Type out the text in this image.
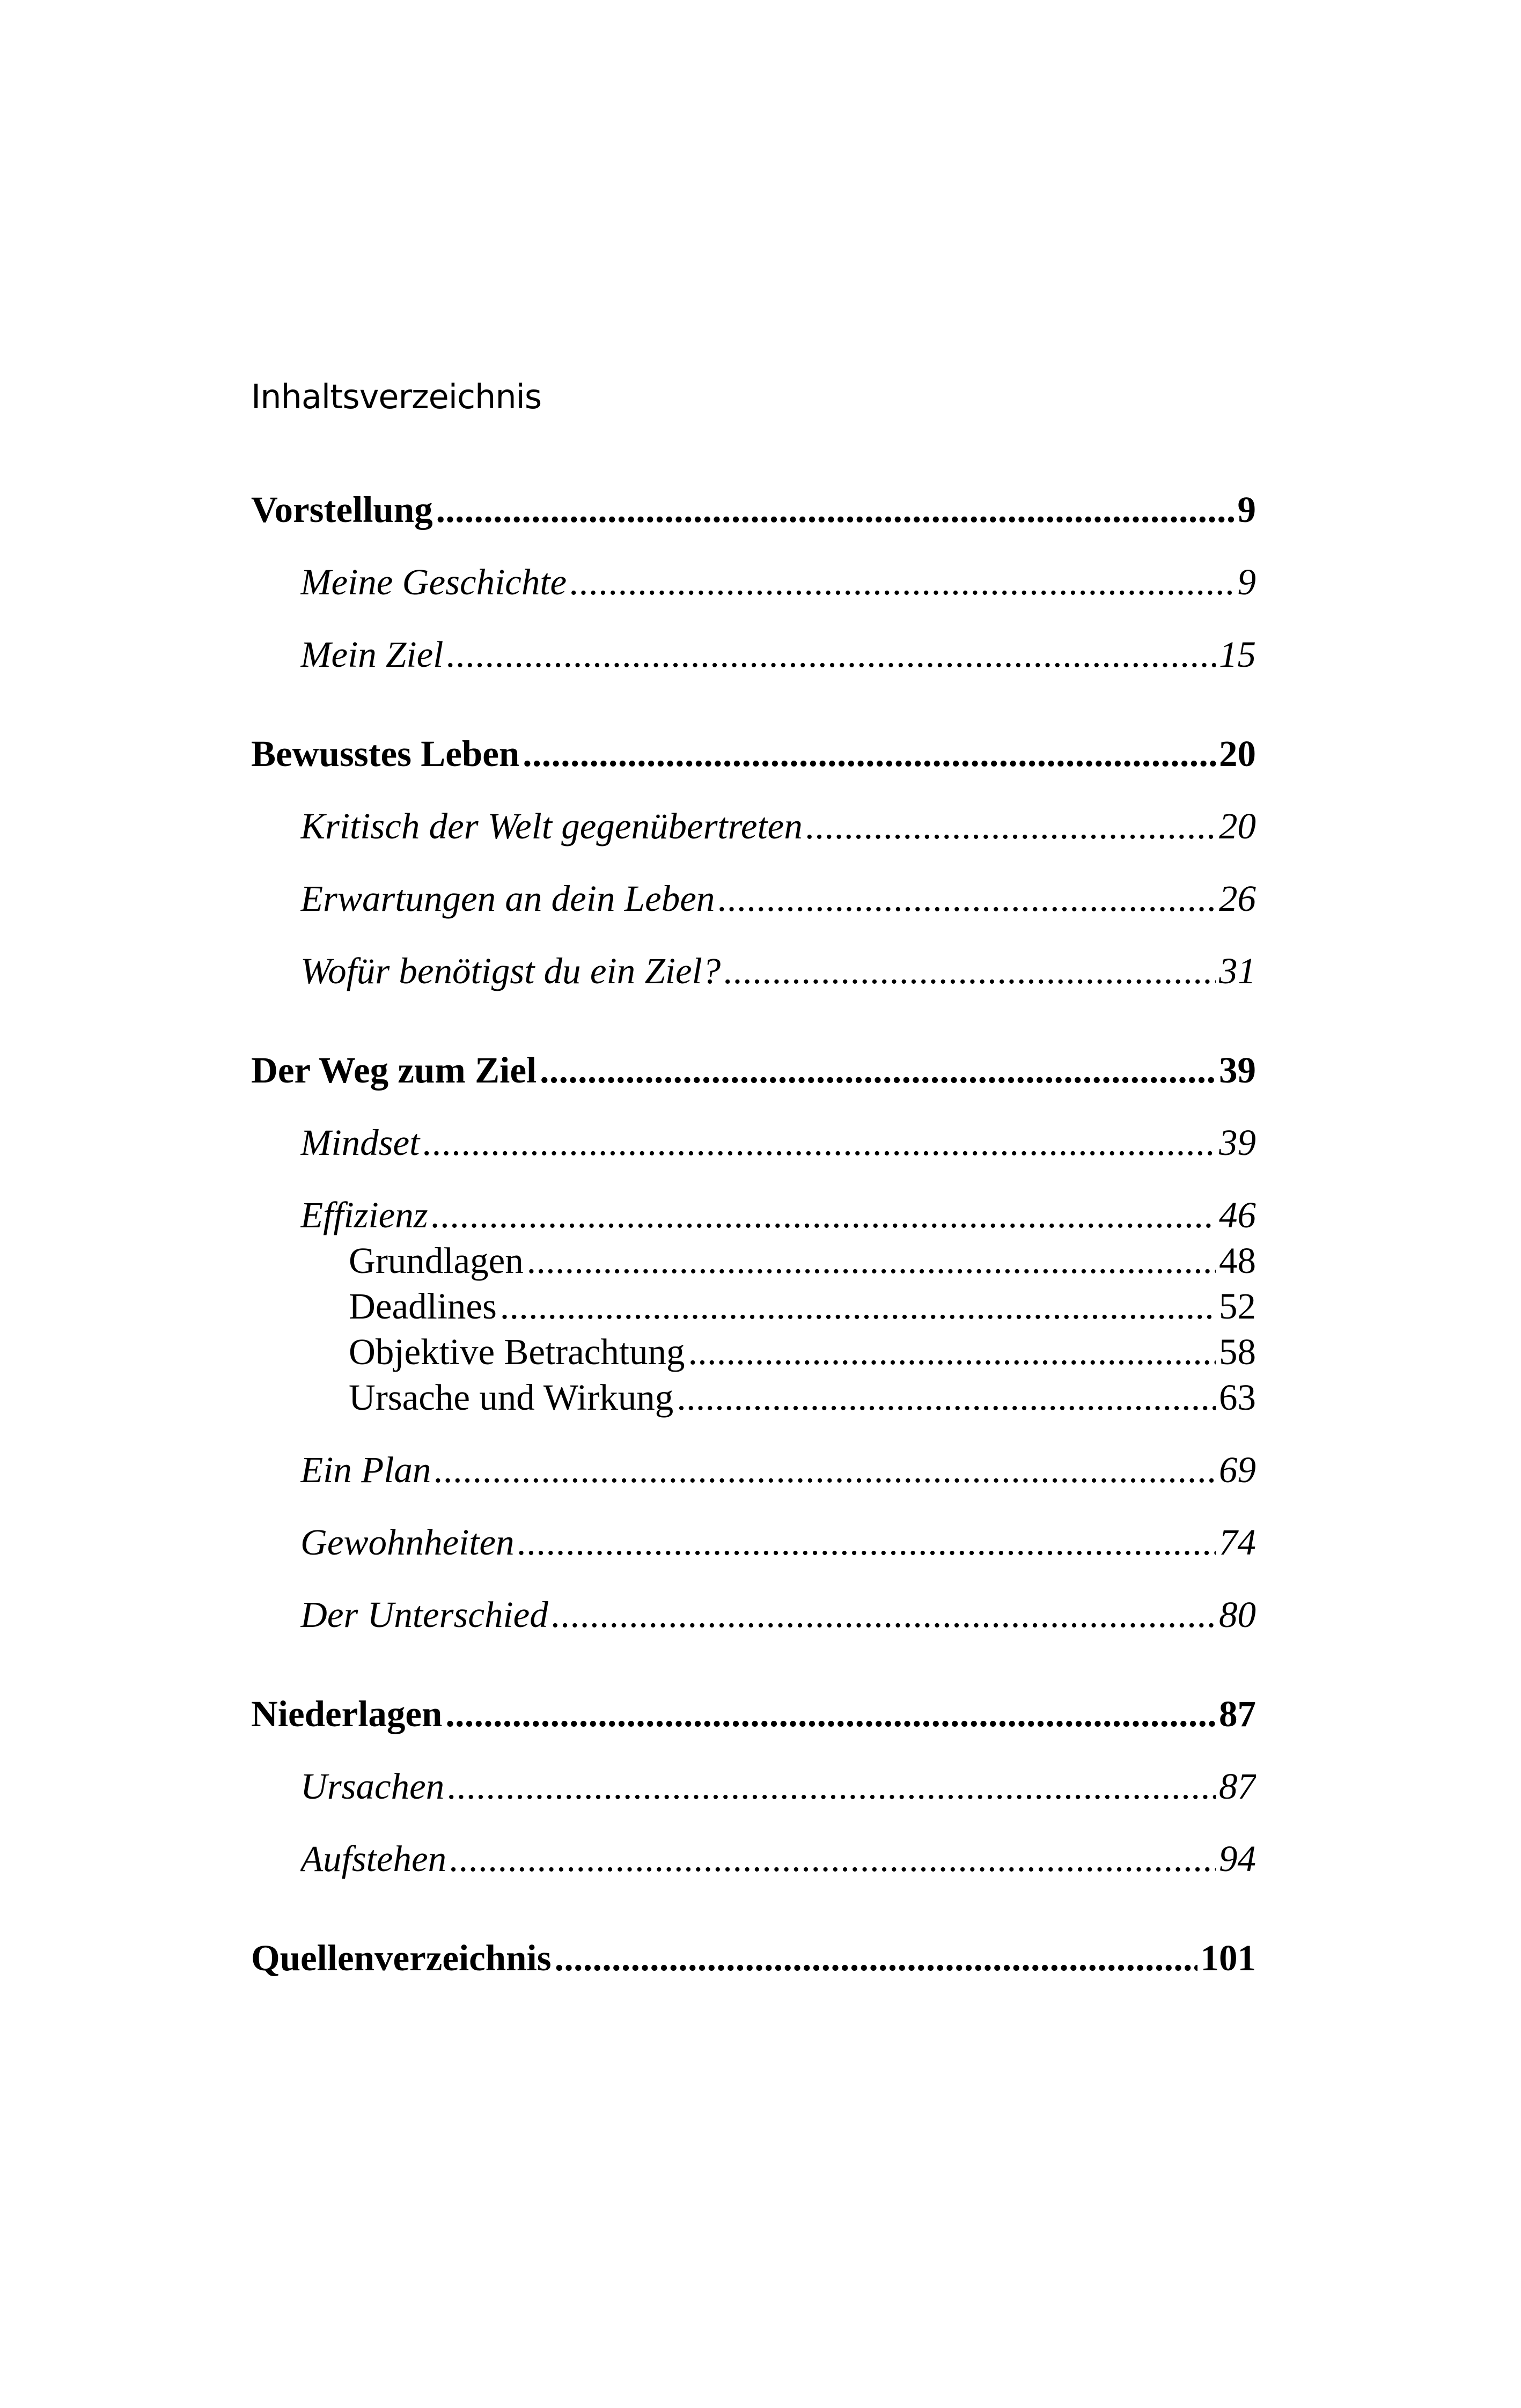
Inhaltsverzeichnis
Vorstellung .....	9
Meine Geschichte .....	9
Mein Ziel .....	15
Bewusstes Leben .....	20
Kritisch der Welt gegenübertreten .....	20
Erwartungen an dein Leben .....	26
Wofür benötigst du ein Ziel? .....	31
Der Weg zum Ziel .....	39
Mindset .....	39
Effizienz .....	46
Grundlagen .....	48
Deadlines .....	52
Objektive Betrachtung .....	58
Ursache und Wirkung .....	63
Ein Plan .....	69
Gewohnheiten .....	74
Der Unterschied .....	80
Niederlagen .....	87
Ursachen .....	87
Aufstehen .....	94
Quellenverzeichnis .....	101
